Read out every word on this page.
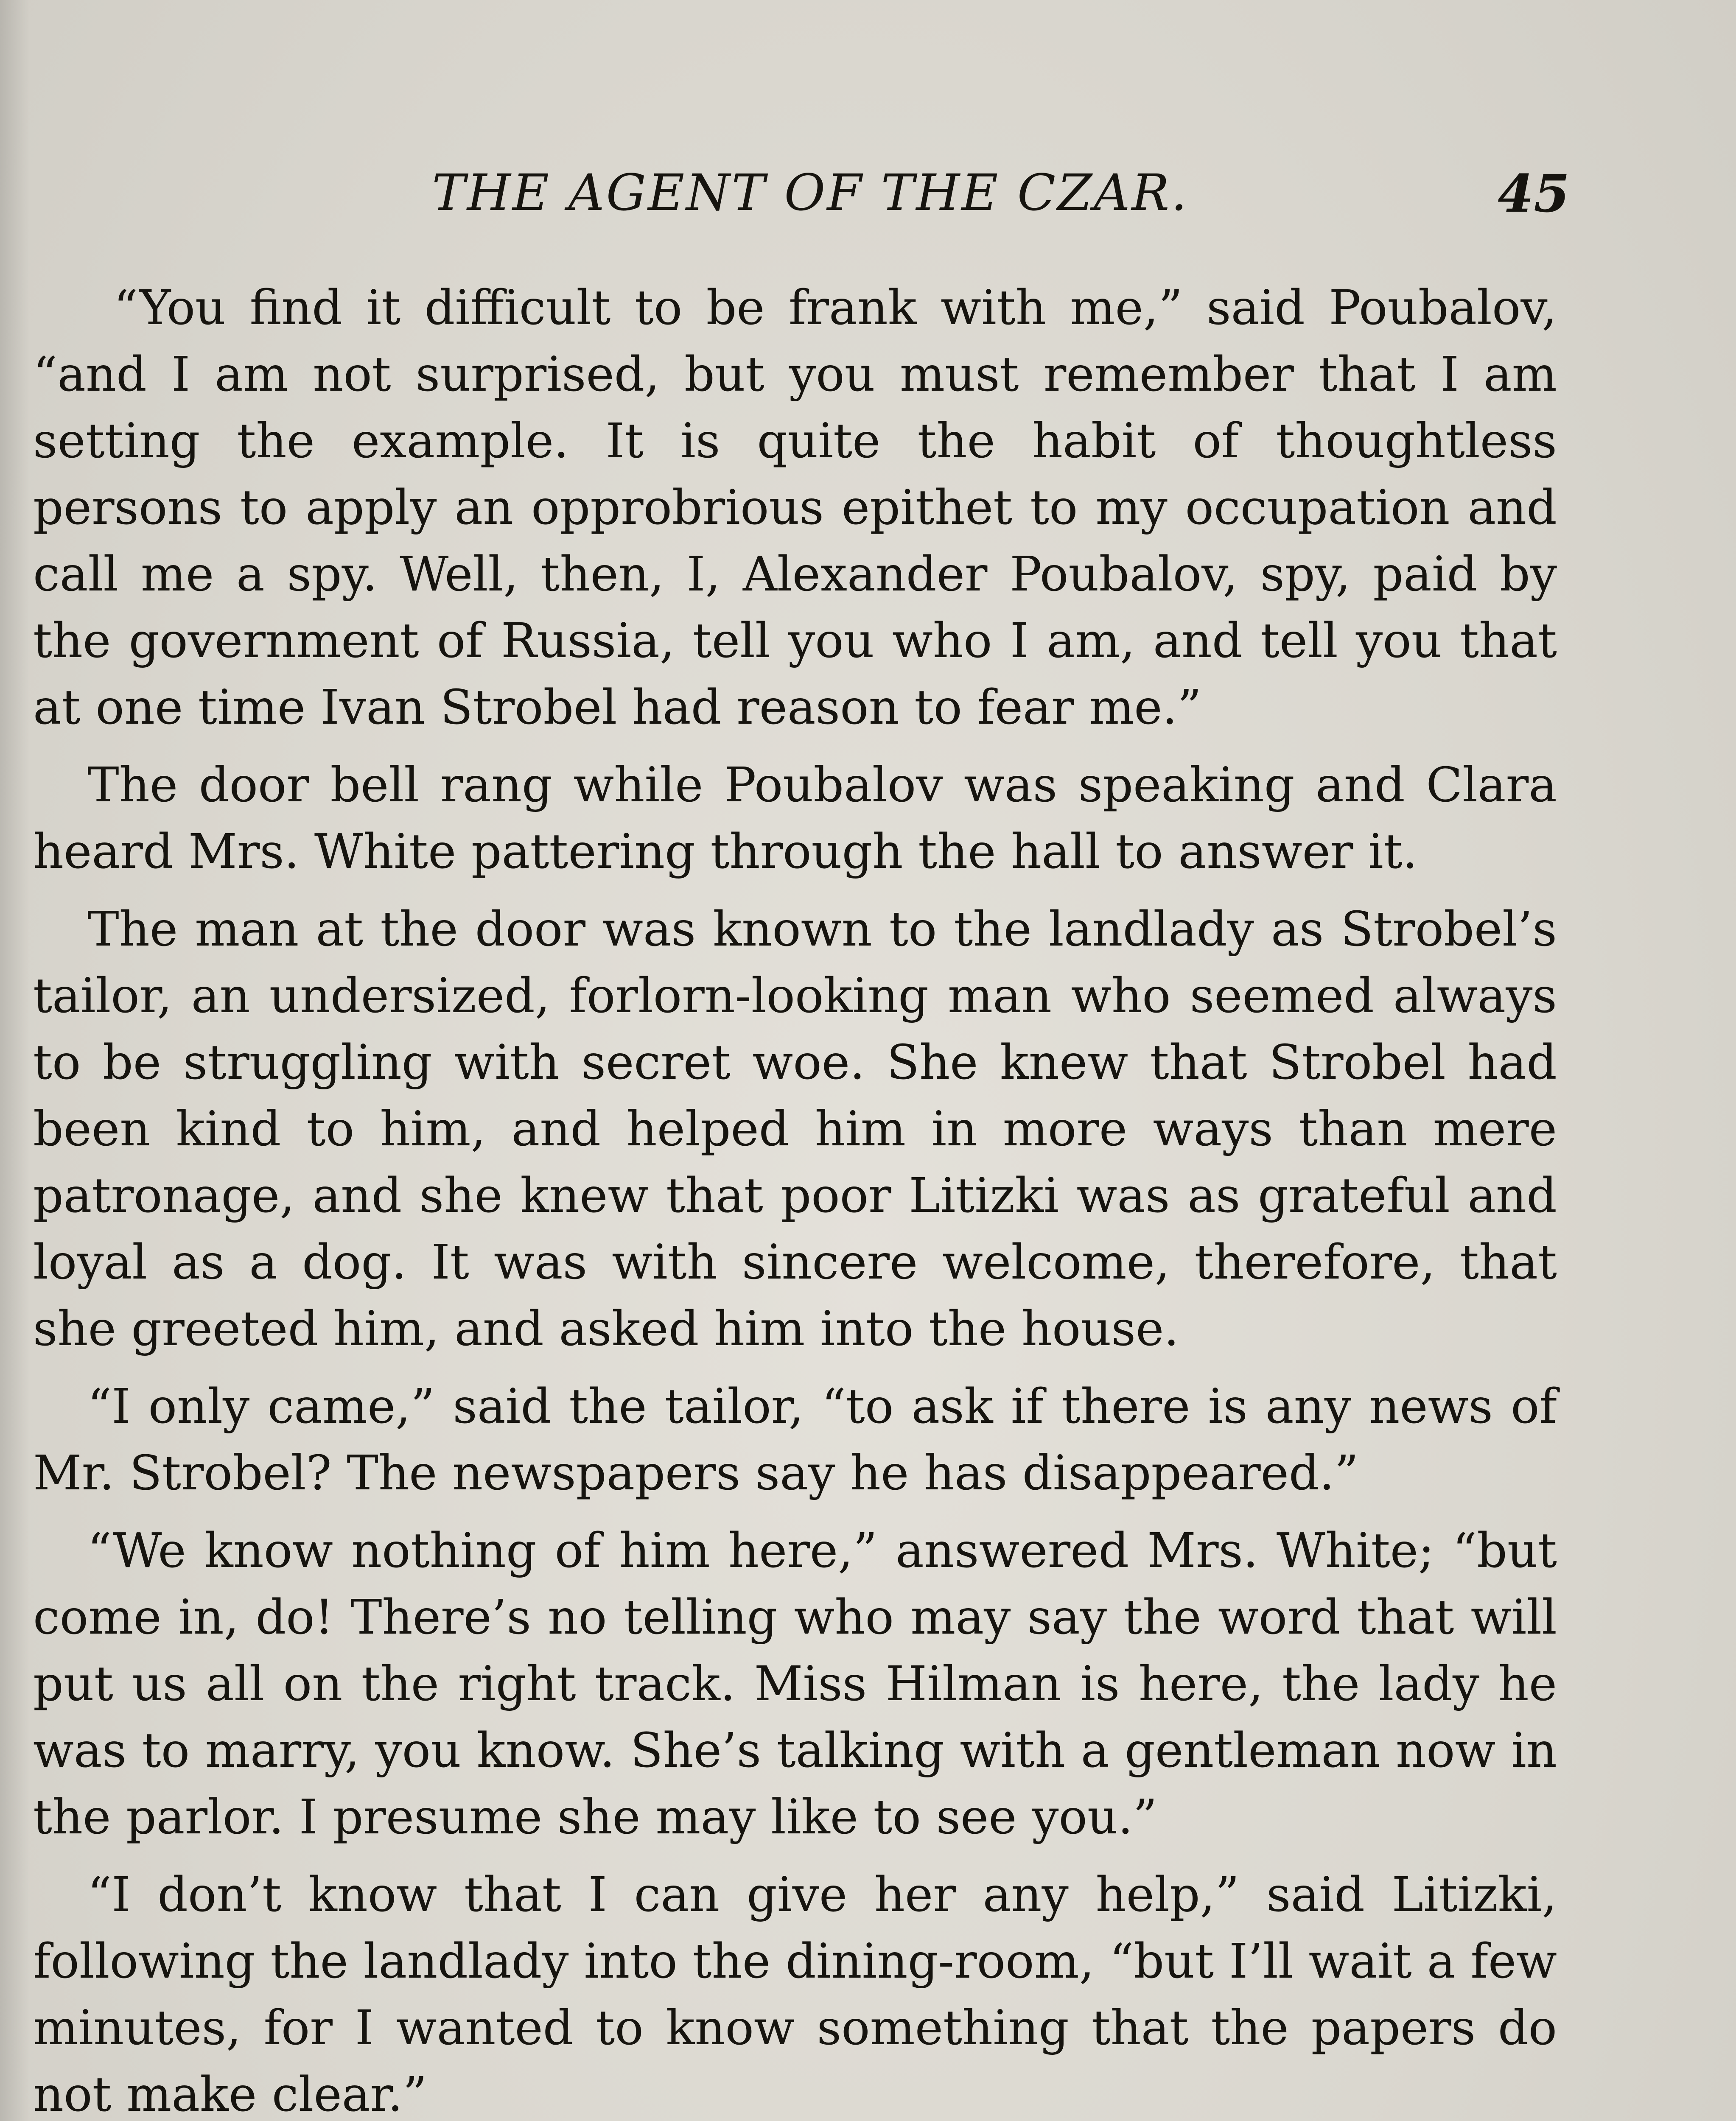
THE AGENT OF THE CZAR.	45

“You find it difficult to be frank with me,” said Poubalov, “and I am not surprised, but you must remember that I am setting the example. It is quite the habit of thoughtless persons to apply an opprobrious epithet to my occupation and call me a spy. Well, then, I, Alexander Poubalov, spy, paid by the government of Russia, tell you who I am, and tell you that at one time Ivan Strobel had reason to fear me.”

The door bell rang while Poubalov was speaking and Clara heard Mrs. White pattering through the hall to answer it.

The man at the door was known to the landlady as Strobel’s tailor, an undersized, forlorn-looking man who seemed always to be struggling with secret woe. She knew that Strobel had been kind to him, and helped him in more ways than mere patronage, and she knew that poor Litizki was as grateful and loyal as a dog. It was with sincere welcome, therefore, that she greeted him, and asked him into the house.

“I only came,” said the tailor, “to ask if there is any news of Mr. Strobel? The newspapers say he has disappeared.”

“We know nothing of him here,” answered Mrs. White; “but come in, do! There’s no telling who may say the word that will put us all on the right track. Miss Hilman is here, the lady he was to marry, you know. She’s talking with a gentleman now in the parlor. I presume she may like to see you.”

“I don’t know that I can give her any help,” said Litizki, following the landlady into the dining-room, “but I’ll wait a few minutes, for I wanted to know something that the papers do not make clear.”
